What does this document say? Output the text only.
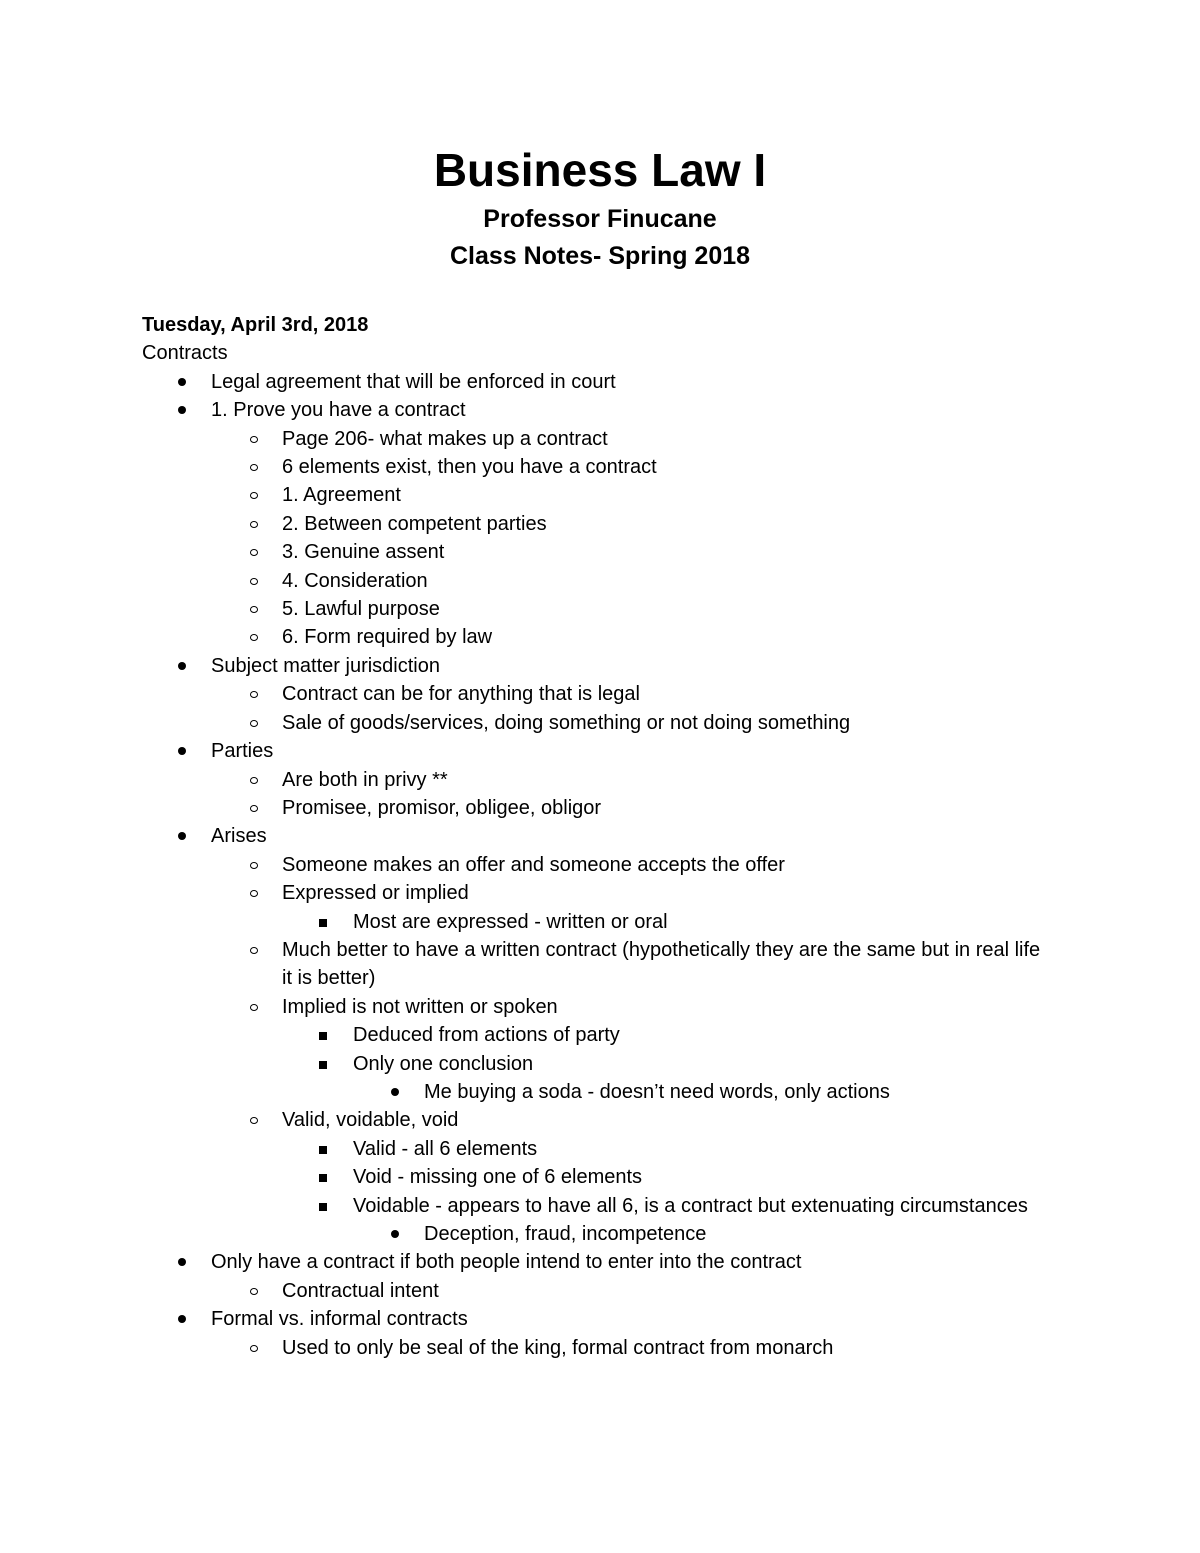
Business Law I
Professor Finucane
Class Notes- Spring 2018
Tuesday, April 3rd, 2018
Contracts
Legal agreement that will be enforced in court
1. Prove you have a contract
Page 206- what makes up a contract
6 elements exist, then you have a contract
1. Agreement
2. Between competent parties
3. Genuine assent
4. Consideration
5. Lawful purpose
6. Form required by law
Subject matter jurisdiction
Contract can be for anything that is legal
Sale of goods/services, doing something or not doing something
Parties
Are both in privy **
Promisee, promisor, obligee, obligor
Arises
Someone makes an offer and someone accepts the offer
Expressed or implied
Most are expressed - written or oral
Much better to have a written contract (hypothetically they are the same but in real life it is better)
Implied is not written or spoken
Deduced from actions of party
Only one conclusion
Me buying a soda - doesn’t need words, only actions
Valid, voidable, void
Valid - all 6 elements
Void - missing one of 6 elements
Voidable - appears to have all 6, is a contract but extenuating circumstances
Deception, fraud, incompetence
Only have a contract if both people intend to enter into the contract
Contractual intent
Formal vs. informal contracts
Used to only be seal of the king, formal contract from monarch
